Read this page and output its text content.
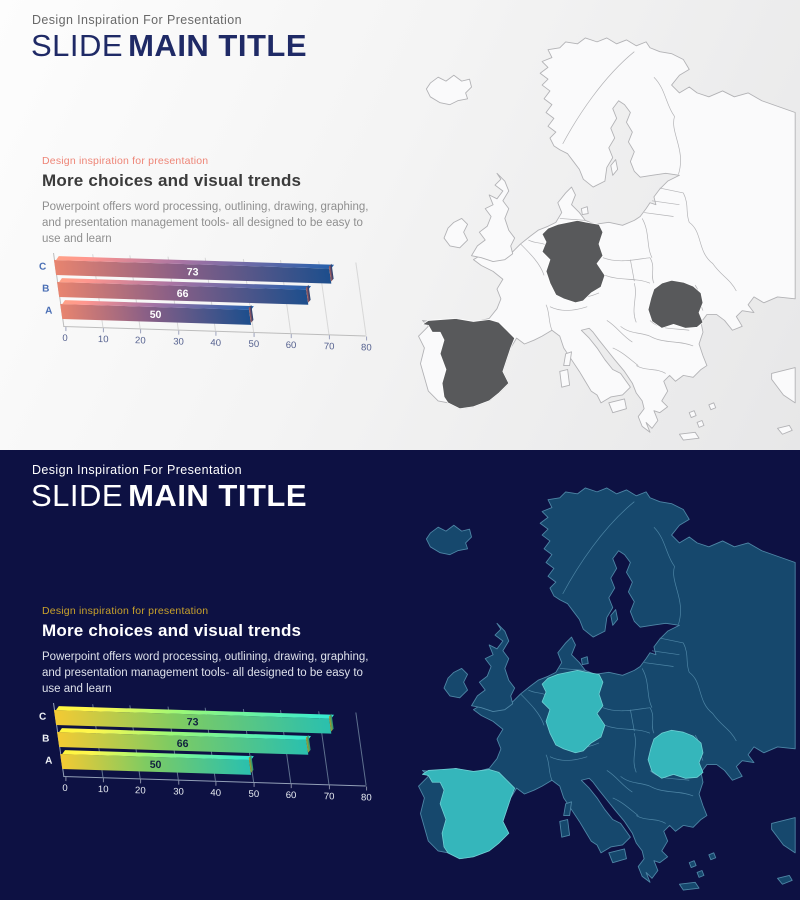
Design Inspiration For Presentation
SLIDE MAIN TITLE
Design inspiration for presentation
More choices and visual trends

Powerpoint offers word processing, outlining, drawing, graphing, and presentation management tools- all designed to be easy to use and learn

C	73
B	66
A	50
0	10	20	30	40	50	60	70	80
Design Inspiration For Presentation
SLIDE MAIN TITLE
Design inspiration for presentation
More choices and visual trends

Powerpoint offers word processing, outlining, drawing, graphing, and presentation management tools- all designed to be easy to use and learn

C	73
B	66
A	50
0	10	20	30	40	50	60	70	80
